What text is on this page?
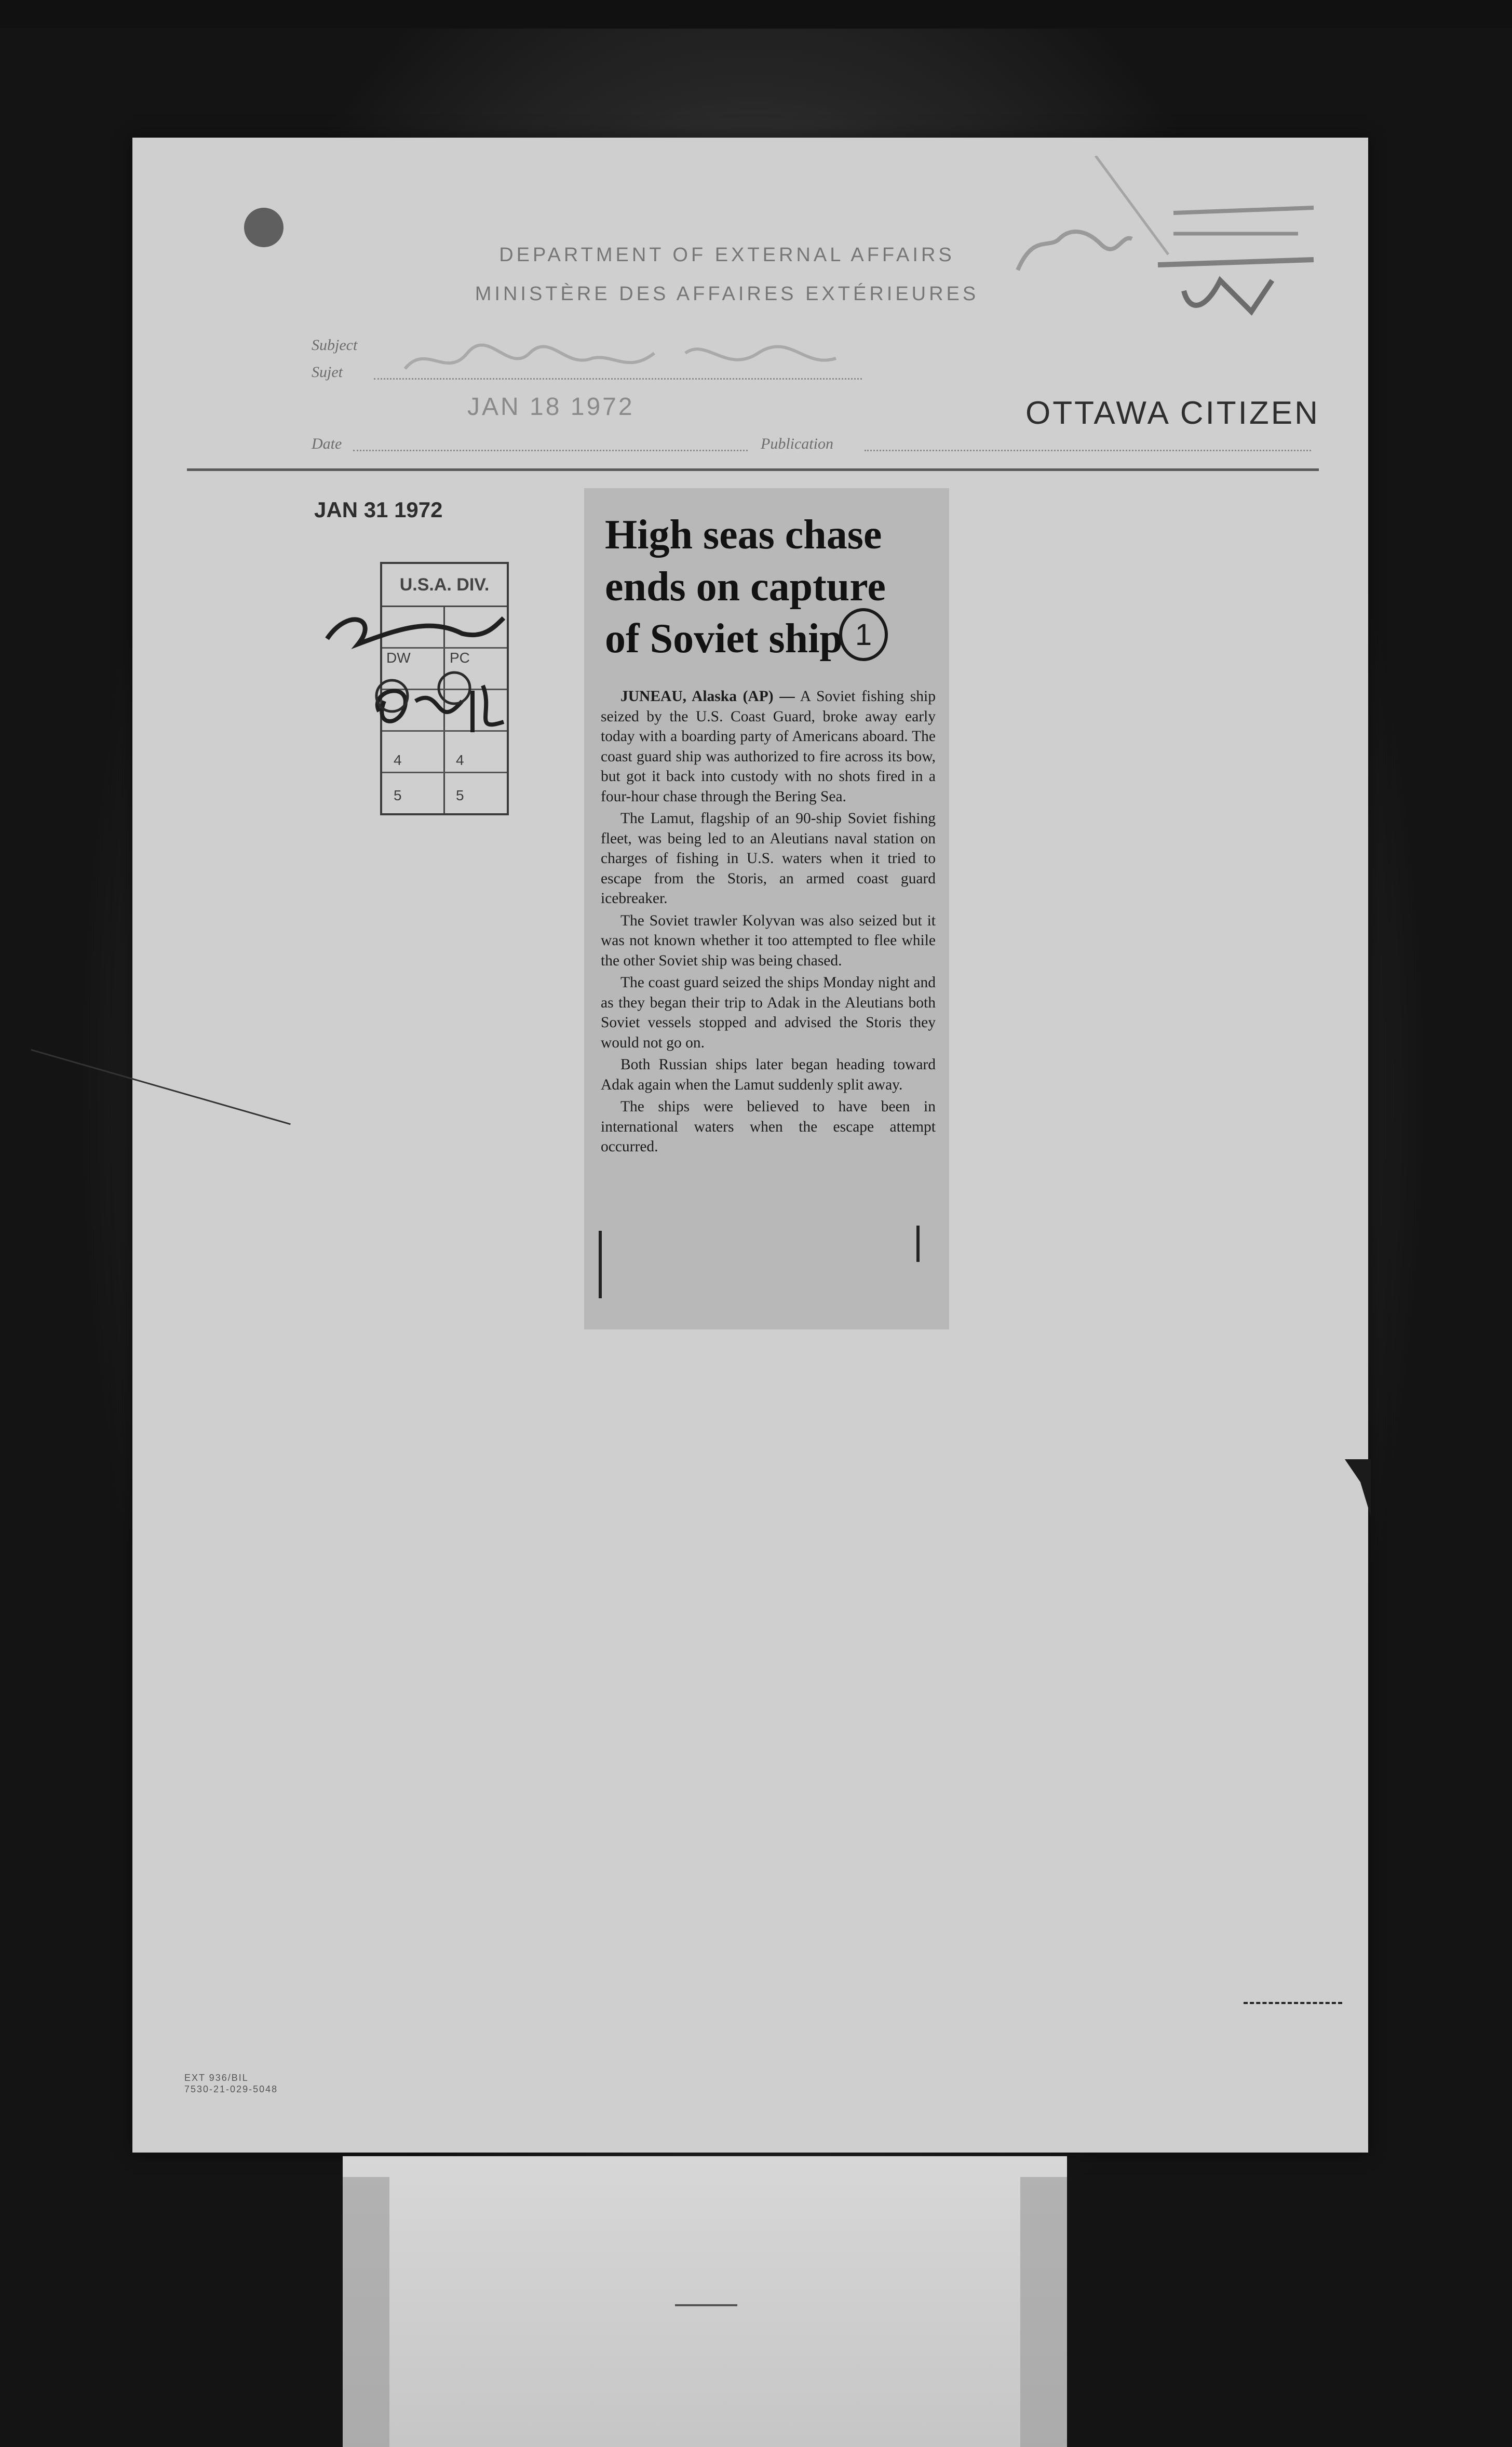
DEPARTMENT OF EXTERNAL AFFAIRS
MINISTÈRE DES AFFAIRES EXTÉRIEURES
Subject
Sujet
Date
JAN 18 1972
Publication
OTTAWA CITIZEN
JAN 31 1972
U.S.A. DIV.
DW	PC
4	4
5	5
High seas chase
ends on capture
of Soviet ship 1

JUNEAU, Alaska (AP) — A Soviet fishing ship seized by the U.S. Coast Guard, broke away early today with a boarding party of Americans aboard. The coast guard ship was authorized to fire across its bow, but got it back into custody with no shots fired in a four-hour chase through the Bering Sea.

The Lamut, flagship of an 90-ship Soviet fishing fleet, was being led to an Aleutians naval station on charges of fishing in U.S. waters when it tried to escape from the Storis, an armed coast guard icebreaker.

The Soviet trawler Kolyvan was also seized but it was not known whether it too attempted to flee while the other Soviet ship was being chased.

The coast guard seized the ships Monday night and as they began their trip to Adak in the Aleutians both Soviet vessels stopped and advised the Storis they would not go on.

Both Russian ships later began heading toward Adak again when the Lamut suddenly split away.

The ships were believed to have been in international waters when the escape attempt occurred.

EXT 936/BIL
7530-21-029-5048
